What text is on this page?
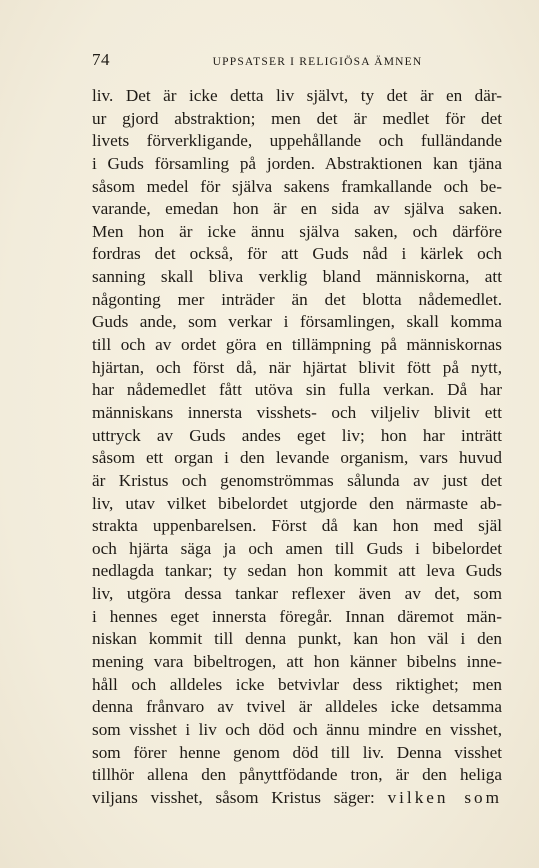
74	UPPSATSER I RELIGIÖSA ÄMNEN
liv. Det är icke detta liv självt, ty det är en där-
ur gjord abstraktion; men det är medlet för det
livets förverkligande, uppehållande och fulländande
i Guds församling på jorden. Abstraktionen kan tjäna
såsom medel för själva sakens framkallande och be-
varande, emedan hon är en sida av själva saken.
Men hon är icke ännu själva saken, och därföre
fordras det också, för att Guds nåd i kärlek och
sanning skall bliva verklig bland människorna, att
någonting mer inträder än det blotta nådemedlet.
Guds ande, som verkar i församlingen, skall komma
till och av ordet göra en tillämpning på människornas
hjärtan, och först då, när hjärtat blivit fött på nytt,
har nådemedlet fått utöva sin fulla verkan. Då har
människans innersta visshets- och viljeliv blivit ett
uttryck av Guds andes eget liv; hon har inträtt
såsom ett organ i den levande organism, vars huvud
är Kristus och genomströmmas sålunda av just det
liv, utav vilket bibelordet utgjorde den närmaste ab-
strakta uppenbarelsen. Först då kan hon med själ
och hjärta säga ja och amen till Guds i bibelordet
nedlagda tankar; ty sedan hon kommit att leva Guds
liv, utgöra dessa tankar reflexer även av det, som
i hennes eget innersta föregår. Innan däremot män-
niskan kommit till denna punkt, kan hon väl i den
mening vara bibeltrogen, att hon känner bibelns inne-
håll och alldeles icke betvivlar dess riktighet; men
denna frånvaro av tvivel är alldeles icke detsamma
som visshet i liv och död och ännu mindre en visshet,
som förer henne genom död till liv. Denna visshet
tillhör allena den pånyttfödande tron, är den heliga
viljans visshet, såsom Kristus säger: vilken som
